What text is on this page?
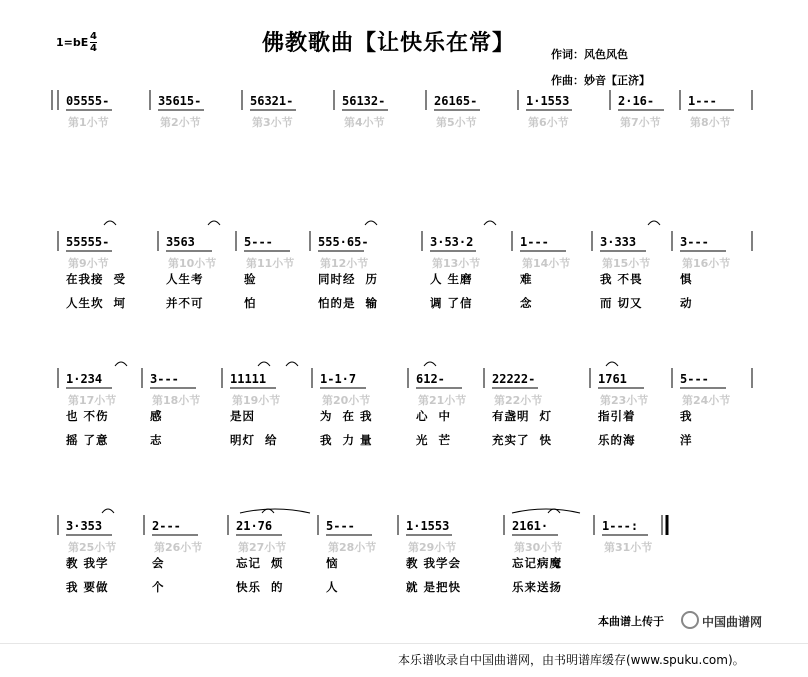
佛教歌曲【让快乐在常】
$1=bE \frac{4}{4}$
作词：风色风色
作曲：妙音【正济】
05555-
第1小节
35615-
第2小节
56321-
第3小节
56132-
第4小节
26165-
第5小节
1·1553
第6小节
2·16-
第7小节
1---
第8小节
55555-
第9小节
在我接  受
人生坎  坷
3563
第10小节
人生考
并不可
5---
第11小节
验
怕
555·65-
第12小节
同时经  历
怕的是  输
3·53·2
第13小节
人 生磨
调 了信
1---
第14小节
难
念
3·333
第15小节
我 不畏
而 切又
3---
第16小节
惧
动
1·234
第17小节
也 不伤
摇 了意
3---
第18小节
感
志
11111
第19小节
是因
明灯  给
1-1·7
第20小节
为  在 我
我  力 量
612-
第21小节
心  中
光  芒
22222-
第22小节
有盏明  灯
充实了  快
1761
第23小节
指引着
乐的海
5---
第24小节
我
洋
3·353
第25小节
教 我学
我 要做
2---
第26小节
会
个
21·76
第27小节
忘记  烦
快乐  的
5---
第28小节
恼
人
1·1553
第29小节
教 我学会
就 是把快
2161·
第30小节
忘记病魔
乐来送扬
1---:
第31小节
本曲谱上传于	中国曲谱网
本乐谱收录自中国曲谱网，由书明谱库缓存(www.spuku.com)。
